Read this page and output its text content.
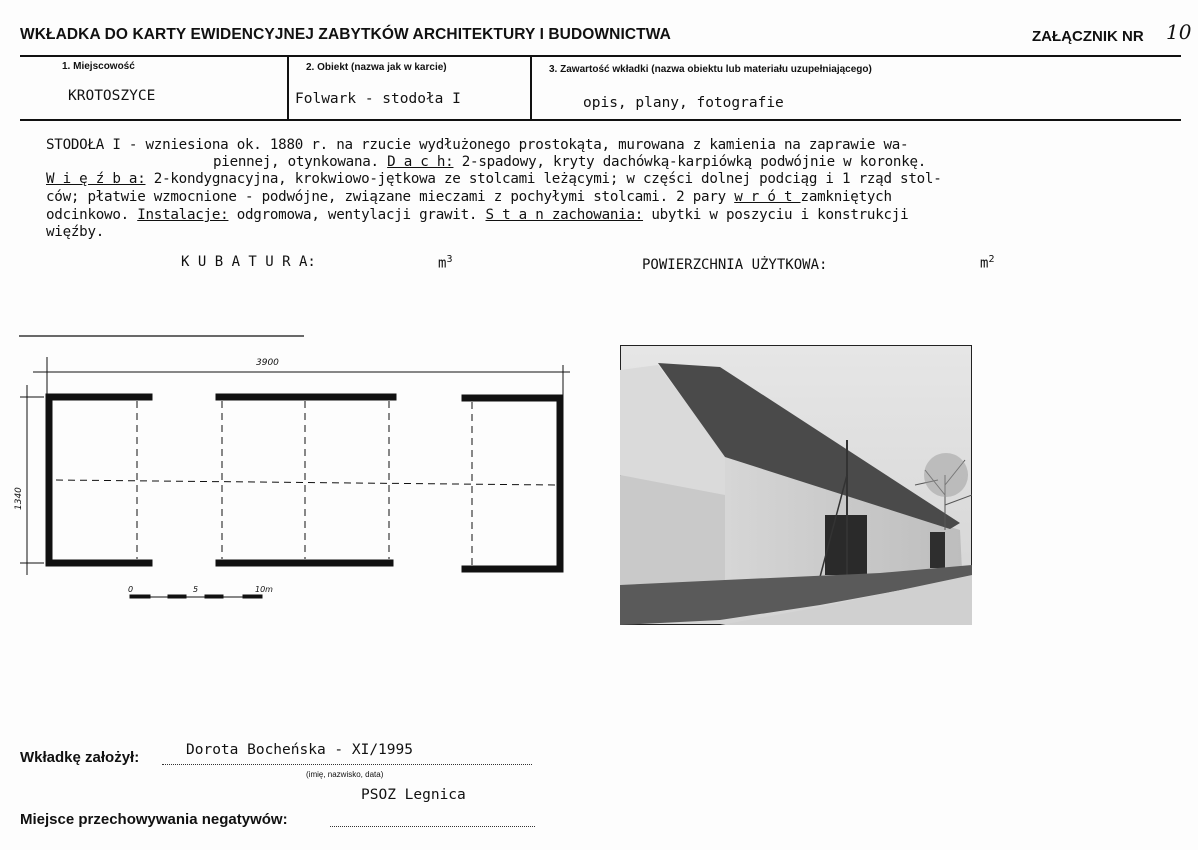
WKŁADKA DO KARTY EWIDENCYJNEJ ZABYTKÓW ARCHITEKTURY I BUDOWNICTWA	ZAŁĄCZNIK NR 10
1. Miejscowość	2. Obiekt (nazwa jak w karcie)	3. Zawartość wkładki (nazwa obiektu lub materiału uzupełniającego)
KROTOSZYCE	Folwark - stodoła I	opis, plany, fotografie
STODOŁA I - wzniesiona ok. 1880 r. na rzucie wydłużonego prostokąta, murowana z kamienia na zaprawie wa-
piennej, otynkowana. D a c h: 2-spadowy, kryty dachówką-karpiówką podwójnie w koronkę.
W i ę ź b a: 2-kondygnacyjna, krokwiowo-jętkowa ze stolcami leżącymi; w części dolnej podciąg i 1 rząd stol-
ców; płatwie wzmocnione - podwójne, związane mieczami z pochyłymi stolcami. 2 pary w r ó t zamkniętych
odcinkowo. Instalacje: odgromowa, wentylacji grawit. S t a n zachowania: ubytki w poszyciu i konstrukcji
więźby.
K U B A T U R A:	$m^3$	POWIERZCHNIA UŻYTKOWA:	$m^2$
3900
1340
0	5	10m
Wkładkę założył:	Dorota Bocheńska - XI/1995
(imię, nazwisko, data)
PSOZ Legnica
Miejsce przechowywania negatywów:
